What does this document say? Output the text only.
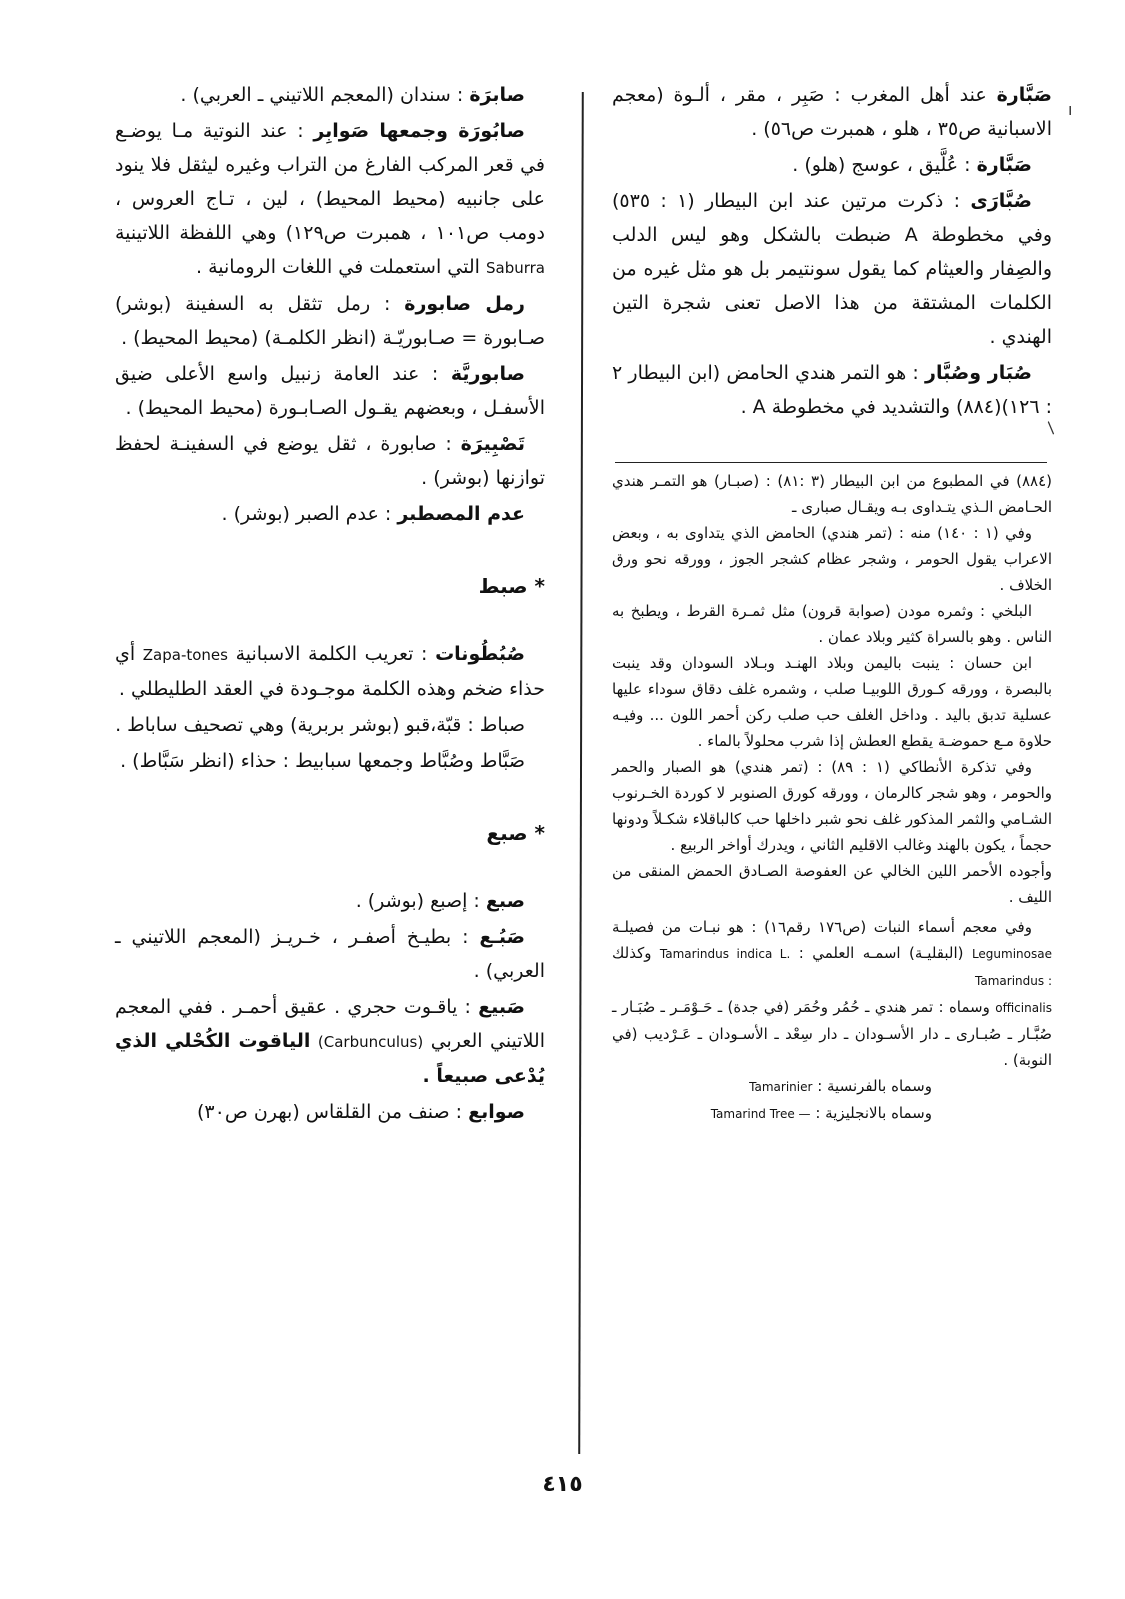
صَبَّارة عند أهل المغرب : صَبِر ، مقر ، ألـوة (معجم الاسبانية ص٣٥ ، هلو ، همبرت ص٥٦) .

صَبَّارة : عُلَّيق ، عوسج (هلو) .

صُبَّارَى : ذكرت مرتين عند ابن البيطار (١ : ٥٣٥) وفي مخطوطة A ضبطت بالشكل وهو ليس الدلب والصِفار والعيثام كما يقول سونتيمر بل هو مثل غيره من الكلمات المشتقة من هذا الاصل تعنى شجرة التين الهندي .

صُبَار وصُبَّار : هو التمر هندي الحامض (ابن البيطار ٢ : ١٢٦)(٨٨٤) والتشديد في مخطوطة A .

(٨٨٤) في المطبوع من ابن البيطار (٣ :٨١) : (صبـار) هو التمـر هندي الحـامض الـذي يتـداوى بـه ويقـال صبارى ـ

وفي (١ : ١٤٠) منه : (تمر هندي) الحامض الذي يتداوى به ، وبعض الاعراب يقول الحومر ، وشجر عظام كشجر الجوز ، وورقه نحو ورق الخلاف .

البلخي : وثمره مودن (صوابة قرون) مثل ثمـرة القرط ، ويطبخ به الناس . وهو بالسراة كثير وبلاد عمان .

ابن حسان : ينبت باليمن وبلاد الهنـد وبـلاد السودان وقد ينبت بالبصرة ، وورقه كـورق اللوبيـا صلب ، وشمره غلف دقاق سوداء عليها عسلية تدبق باليد . وداخل الغلف حب صلب ركن أحمر اللون ... وفيـه حلاوة مـع حموضـة يقطع العطش إذا شرب محلولاً بالماء .

وفي تذكرة الأنطاكي (١ : ٨٩) : (تمر هندي) هو الصبار والحمر والحومر ، وهو شجر كالرمان ، وورقه كورق الصنوبر لا كوردة الخـرنوب الشـامي والثمر المذكور غلف نحو شبر داخلها حب كالباقلاء شكـلاً ودونها حجماً ، يكون بالهند وغالب الاقليم الثاني ، ويدرك أواخر الربيع .

وأجوده الأحمر اللين الخالي عن العفوصة الصـادق الحمض المنقى من الليف .

وفي معجم أسماء النبات (ص١٧٦ رقم١٦) : هو نبـات من فصيلـة Leguminosae (البقليـة) اسمـه العلمي : Tamarindus indica L. وكذلك Tamarindus :

officinalis وسماه : تمر هندي ـ حُمُر وحُمَر (في جدة) ـ حَـوْمَـر ـ صُبَـار ـ صُبَّـار ـ صُبـارى ـ دار الأسـودان ـ دار سِعْد ـ الأسـودان ـ عَـرْديب (في النوبة) .

وسماه بالفرنسية : Tamarinier

وسماه بالانجليزية : Tamarind Tree —

صابرَة : سندان (المعجم اللاتيني ـ العربي) .

صابُورَة وجمعها صَوابِر : عند النوتية مـا يوضـع في قعر المركب الفارغ من التراب وغيره ليثقل فلا ينود على جانبيه (محيط المحيط) ، لين ، تـاج العروس ، دومب ص١٠١ ، همبرت ص١٢٩) وهي اللفظة اللاتينية Saburra التي استعملت في اللغات الرومانية .

رمل صابورة : رمل تثقل به السفينة (بوشر) صـابورة = صـابوريّـة (انظر الكلمـة) (محيط المحيط) .

صابوريَّة : عند العامة زنبيل واسع الأعلى ضيق الأسفـل ، وبعضهم يقـول الصـابـورة (محيط المحيط) .

تَصْبِيرَة : صابورة ، ثقل يوضع في السفينـة لحفظ توازنها (بوشر) .

عدم المصطبر : عدم الصبر (بوشر) .

* صبط

صُبُطُونات : تعريب الكلمة الاسبانية Zapa-tones أي حذاء ضخم وهذه الكلمة موجـودة في العقد الطليطلي .

صباط : قبّة،قبو (بوشر بربرية) وهي تصحيف ساباط .

صَبَّاط وصُبَّاط وجمعها سبابيط : حذاء (انظر سَبَّاط) .

* صبع

صبع : إصبع (بوشر) .

صَبُـع : بطيـخ أصفـر ، خـريـز (المعجم اللاتيني ـ العربي) .

صَبيع : ياقـوت حجري . عقيق أحمـر . ففي المعجم اللاتيني العربي (Carbunculus) الياقوت الكُحْلي الذي يُدْعى صبيعاً .

صوابع : صنف من القلقاس (بهرن ص٣٠)

٤١٥
ı
/
